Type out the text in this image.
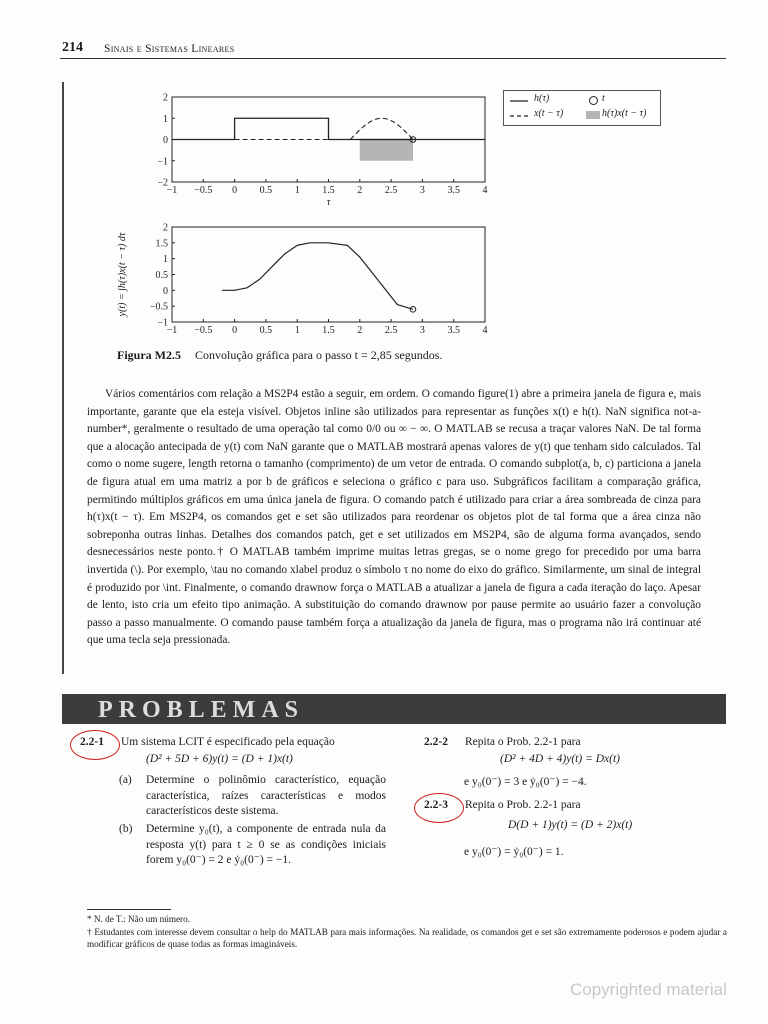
214 Sinais e Sistemas Lineares
−1 −0.5 0 0.5 1 1.5 2 2.5 3 3.5 4
2
1
0
−1
−2
τ
−1 −0.5 0 0.5 1 1.5 2 2.5 3 3.5 4
2
1.5
1
0.5
0
−0.5
−1
y(t) = ∫h(τ)x(t − τ) dτ
h(τ)
x(t − τ)
t
h(τ)x(t − τ)
Figura M2.5 Convolução gráfica para o passo t = 2,85 segundos.
Vários comentários com relação a MS2P4 estão a seguir, em ordem. O comando figure(1) abre a primeira janela de figura e, mais importante, garante que ela esteja visível. Objetos inline são utilizados para representar as funções x(t) e h(t). NaN significa not-a-number*, geralmente o resultado de uma operação tal como 0/0 ou ∞ − ∞. O MATLAB se recusa a traçar valores NaN. De tal forma que a alocação antecipada de y(t) com NaN garante que o MATLAB mostrará apenas valores de y(t) que tenham sido calculados. Tal como o nome sugere, length retorna o tamanho (comprimento) de um vetor de entrada. O comando subplot(a, b, c) particiona a janela de figura atual em uma matriz a por b de gráficos e seleciona o gráfico c para uso. Subgráficos facilitam a comparação gráfica, permitindo múltiplos gráficos em uma única janela de figura. O comando patch é utilizado para criar a área sombreada de cinza para h(τ)x(t − τ). Em MS2P4, os comandos get e set são utilizados para reordenar os objetos plot de tal forma que a área cinza não sobreponha outras linhas. Detalhes dos comandos patch, get e set utilizados em MS2P4, são de alguma forma avançados, sendo desnecessários neste ponto.† O MATLAB também imprime muitas letras gregas, se o nome grego for precedido por uma barra invertida (\). Por exemplo, \tau no comando xlabel produz o símbolo τ no nome do eixo do gráfico. Similarmente, um sinal de integral é produzido por \int. Finalmente, o comando drawnow força o MATLAB a atualizar a janela de figura a cada iteração do laço. Apesar de lento, isto cria um efeito tipo animação. A substituição do comando drawnow por pause permite ao usuário fazer a convolução passo a passo manualmente. O comando pause também força a atualização da janela de figura, mas o programa não irá continuar até que uma tecla seja pressionada.
PROBLEMAS
2.2-1 Um sistema LCIT é especificado pela equação
(D² + 5D + 6)y(t) = (D + 1)x(t)
(a) Determine o polinômio característico, equação característica, raízes características e modos característicos deste sistema.
(b) Determine y₀(t), a componente de entrada nula da resposta y(t) para t ≥ 0 se as condições iniciais forem y₀(0⁻) = 2 e ẏ₀(0⁻) = −1.
2.2-2 Repita o Prob. 2.2-1 para
(D² + 4D + 4)y(t) = Dx(t)
e y₀(0⁻) = 3 e ẏ₀(0⁻) = −4.
2.2-3 Repita o Prob. 2.2-1 para
D(D + 1)y(t) = (D + 2)x(t)
e y₀(0⁻) = ẏ₀(0⁻) = 1.
* N. de T.: Não um número.
† Estudantes com interesse devem consultar o help do MATLAB para mais informações. Na realidade, os comandos get e set são extremamente poderosos e podem ajudar a modificar gráficos de quase todas as formas imagináveis.
Copyrighted material
